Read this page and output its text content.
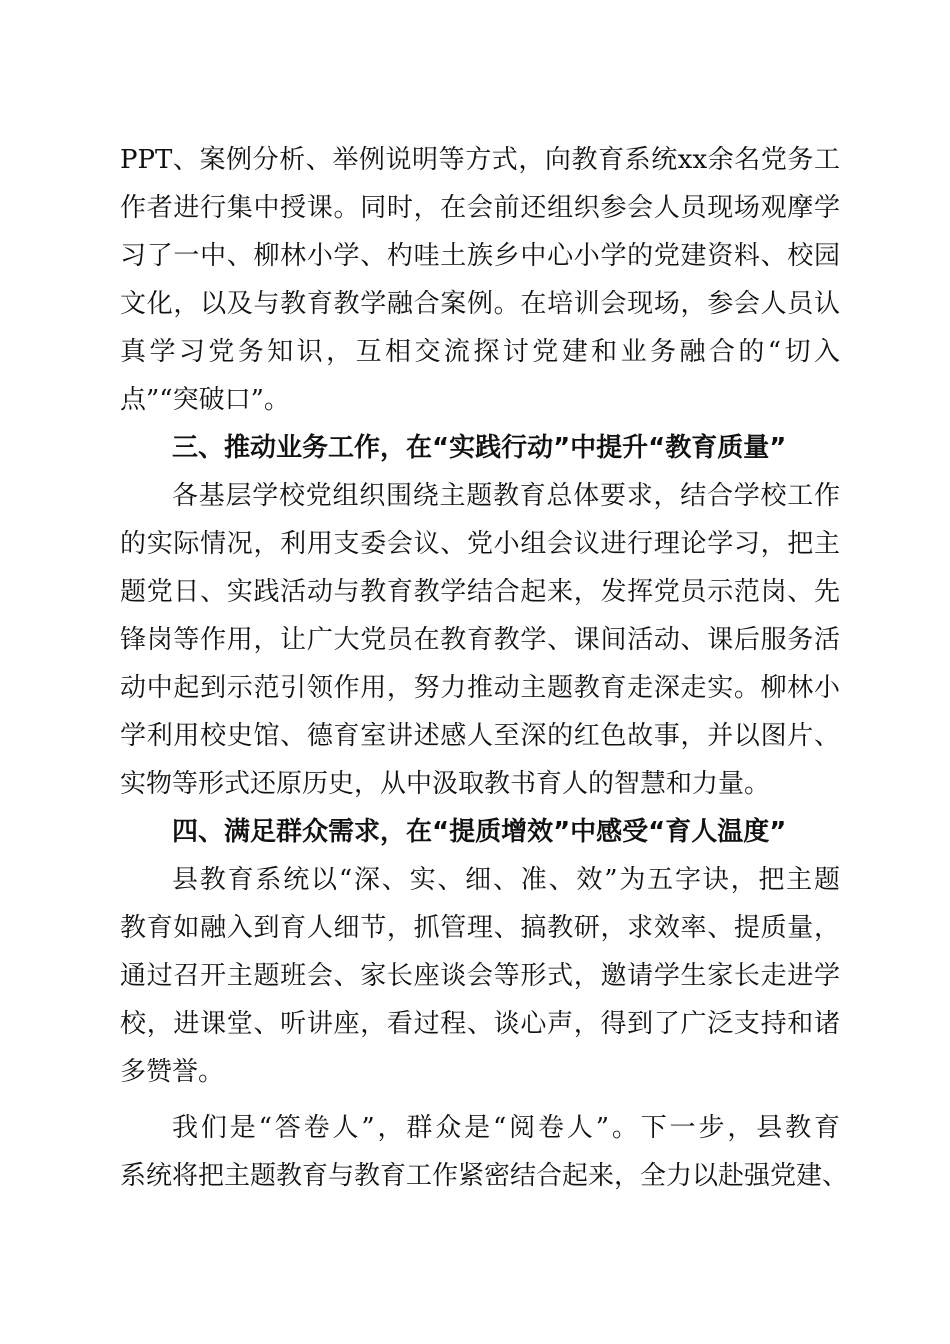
PPT、案例分析、举例说明等方式，向教育系统xx余名党务工
作者进行集中授课。同时，在会前还组织参会人员现场观摩学
习了一中、柳林小学、杓哇土族乡中心小学的党建资料、校园
文化，以及与教育教学融合案例。在培训会现场，参会人员认
真学习党务知识，互相交流探讨党建和业务融合的“切入
点”“突破口”。
三、推动业务工作，在“实践行动”中提升“教育质量”
各基层学校党组织围绕主题教育总体要求，结合学校工作
的实际情况，利用支委会议、党小组会议进行理论学习，把主
题党日、实践活动与教育教学结合起来，发挥党员示范岗、先
锋岗等作用，让广大党员在教育教学、课间活动、课后服务活
动中起到示范引领作用，努力推动主题教育走深走实。柳林小
学利用校史馆、德育室讲述感人至深的红色故事，并以图片、
实物等形式还原历史，从中汲取教书育人的智慧和力量。
四、满足群众需求，在“提质增效”中感受“育人温度”
县教育系统以“深、实、细、准、效”为五字诀，把主题
教育如融入到育人细节，抓管理、搞教研，求效率、提质量，
通过召开主题班会、家长座谈会等形式，邀请学生家长走进学
校，进课堂、听讲座，看过程、谈心声，得到了广泛支持和诸
多赞誉。
我们是“答卷人”，群众是“阅卷人”。下一步，县教育
系统将把主题教育与教育工作紧密结合起来，全力以赴强党建、
